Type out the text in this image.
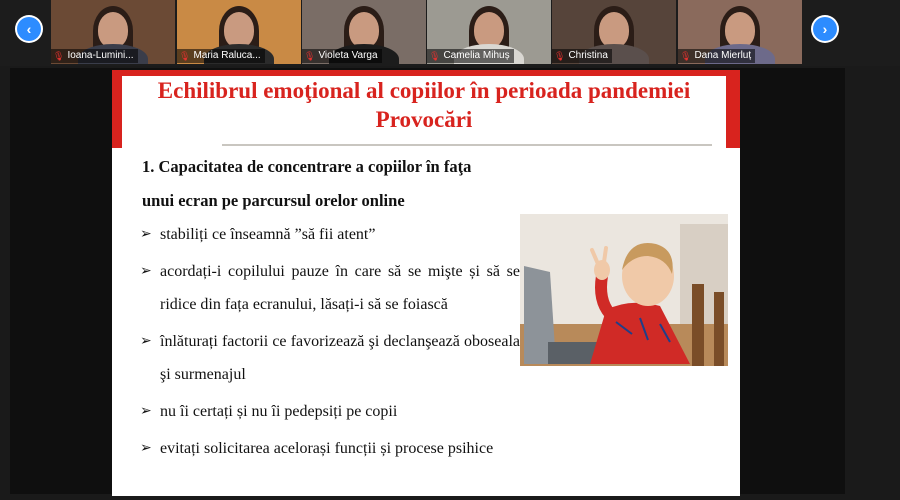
‹
🎙 Ioana-Lumini...	🎙 Maria Raluca...	🎙 Violeta Varga	🎙 Camelia Mihuș	🎙 Christina	🎙 Dana Mierluț
›
Echilibrul emoţional al copiilor în perioada pandemiei
Provocări
1. Capacitatea de concentrare a copiilor în faţa
unui ecran pe parcursul orelor online
➢ stabiliți ce înseamnă ”să fii atent”
➢ acordați-i copilului pauze în care să se mişte și să se ridice din fața ecranului, lăsați-i să se foiască
➢ înlăturați factorii ce favorizează şi declanşează oboseala şi surmenajul
➢ nu îi certați și nu îi pedepsiți pe copii
➢ evitați solicitarea acelorași funcții și procese psihice
